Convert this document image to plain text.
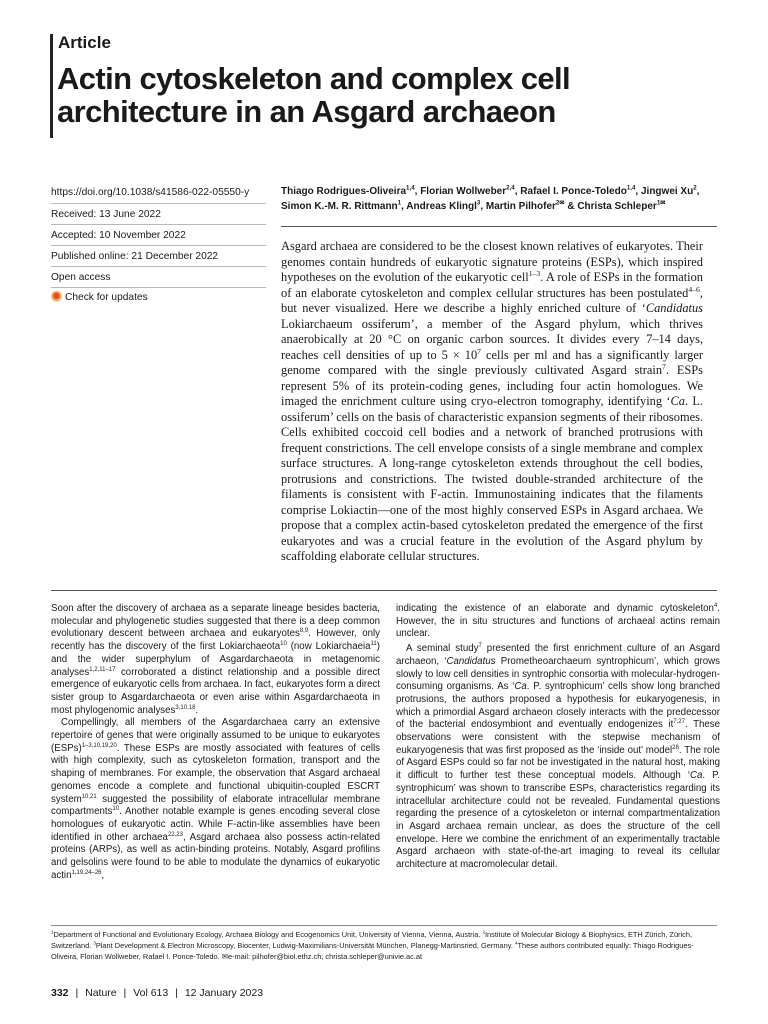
Article
Actin cytoskeleton and complex cell
architecture in an Asgard archaeon
https://doi.org/10.1038/s41586-022-05550-y
Received: 13 June 2022
Accepted: 10 November 2022
Published online: 21 December 2022
Open access
Check for updates
Thiago Rodrigues-Oliveira$^{1,4}$, Florian Wollweber$^{2,4}$, Rafael I. Ponce-Toledo$^{1,4}$, Jingwei Xu$^2$,
Simon K.-M. R. Rittmann$^1$, Andreas Klingl$^3$, Martin Pilhofer$^{2✉}$ & Christa Schleper$^{1✉}$
Asgard archaea are considered to be the closest known relatives of eukaryotes. Their genomes contain hundreds of eukaryotic signature proteins (ESPs), which inspired hypotheses on the evolution of the eukaryotic cell$^{1-3}$. A role of ESPs in the formation of an elaborate cytoskeleton and complex cellular structures has been postulated$^{4-6}$, but never visualized. Here we describe a highly enriched culture of ‘Candidatus Lokiarchaeum ossiferum’, a member of the Asgard phylum, which thrives anaerobically at 20 °C on organic carbon sources. It divides every 7–14 days, reaches cell densities of up to $5 \times 10^7$ cells per ml and has a significantly larger genome compared with the single previously cultivated Asgard strain$^7$. ESPs represent 5% of its protein-coding genes, including four actin homologues. We imaged the enrichment culture using cryo-electron tomography, identifying ‘Ca. L. ossiferum’ cells on the basis of characteristic expansion segments of their ribosomes. Cells exhibited coccoid cell bodies and a network of branched protrusions with frequent constrictions. The cell envelope consists of a single membrane and complex surface structures. A long-range cytoskeleton extends throughout the cell bodies, protrusions and constrictions. The twisted double-stranded architecture of the filaments is consistent with F-actin. Immunostaining indicates that the filaments comprise Lokiactin—one of the most highly conserved ESPs in Asgard archaea. We propose that a complex actin-based cytoskeleton predated the emergence of the first eukaryotes and was a crucial feature in the evolution of the Asgard phylum by scaffolding elaborate cellular structures.

Soon after the discovery of archaea as a separate lineage besides bacteria, molecular and phylogenetic studies suggested that there is a deep common evolutionary descent between archaea and eukaryotes$^{8,9}$. However, only recently has the discovery of the first Lokiarchaeota$^{10}$ (now Lokiarchaeia$^{11}$) and the wider superphylum of Asgardarchaeota in metagenomic analyses$^{1,2,11-17}$ corroborated a distinct relationship and a possible direct emergence of eukaryotic cells from archaea. In fact, eukaryotes form a direct sister group to Asgardarchaeota or even arise within Asgardarchaeota in most phylogenomic analyses$^{3,10,18}$.

Compellingly, all members of the Asgardarchaea carry an extensive repertoire of genes that were originally assumed to be unique to eukaryotes (ESPs)$^{1-3,10,19,20}$. These ESPs are mostly associated with features of cells with high complexity, such as cytoskeleton formation, transport and the shaping of membranes. For example, the observation that Asgard archaeal genomes encode a complete and functional ubiquitin-coupled ESCRT system$^{10,21}$ suggested the possibility of elaborate intracellular membrane compartments$^{10}$. Another notable example is genes encoding several close homologues of eukaryotic actin. While F-actin-like assemblies have been identified in other archaea$^{22,23}$, Asgard archaea also possess actin-related proteins (ARPs), as well as actin-binding proteins. Notably, Asgard profilins and gelsolins were found to be able to modulate the dynamics of eukaryotic actin$^{1,19,24-26}$,

indicating the existence of an elaborate and dynamic cytoskeleton$^4$. However, the in situ structures and functions of archaeal actins remain unclear.

A seminal study$^7$ presented the first enrichment culture of an Asgard archaeon, ‘Candidatus Prometheoarchaeum syntrophicum’, which grows slowly to low cell densities in syntrophic consortia with molecular-hydrogen-consuming organisms. As ‘Ca. P. syntrophicum’ cells show long branched protrusions, the authors proposed a hypothesis for eukaryogenesis, in which a primordial Asgard archaeon closely interacts with the predecessor of the bacterial endosymbiont and eventually endogenizes it$^{7,27}$. These observations were consistent with the stepwise mechanism of eukaryogenesis that was first proposed as the ‘inside out’ model$^{28}$. The role of Asgard ESPs could so far not be investigated in the natural host, making it difficult to further test these conceptual models. Although ‘Ca. P. syntrophicum’ was shown to transcribe ESPs, characteristics regarding its intracellular architecture could not be revealed. Fundamental questions regarding the presence of a cytoskeleton or internal compartmentalization in Asgard archaea remain unclear, as does the structure of the cell envelope. Here we combine the enrichment of an experimentally tractable Asgard archaeon with state-of-the-art imaging to reveal its cellular architecture at macromolecular detail.

$^1$Department of Functional and Evolutionary Ecology, Archaea Biology and Ecogenomics Unit, University of Vienna, Vienna, Austria. $^2$Institute of Molecular Biology & Biophysics, ETH Zürich, Zürich, Switzerland. $^3$Plant Development & Electron Microscopy, Biocenter, Ludwig-Maximilians-Universität München, Planegg-Martinsried, Germany. $^4$These authors contributed equally: Thiago Rodrigues-Oliveira, Florian Wollweber, Rafael I. Ponce-Toledo. ✉e-mail: pilhofer@biol.ethz.ch; christa.schleper@univie.ac.at
332 | Nature | Vol 613 | 12 January 2023
